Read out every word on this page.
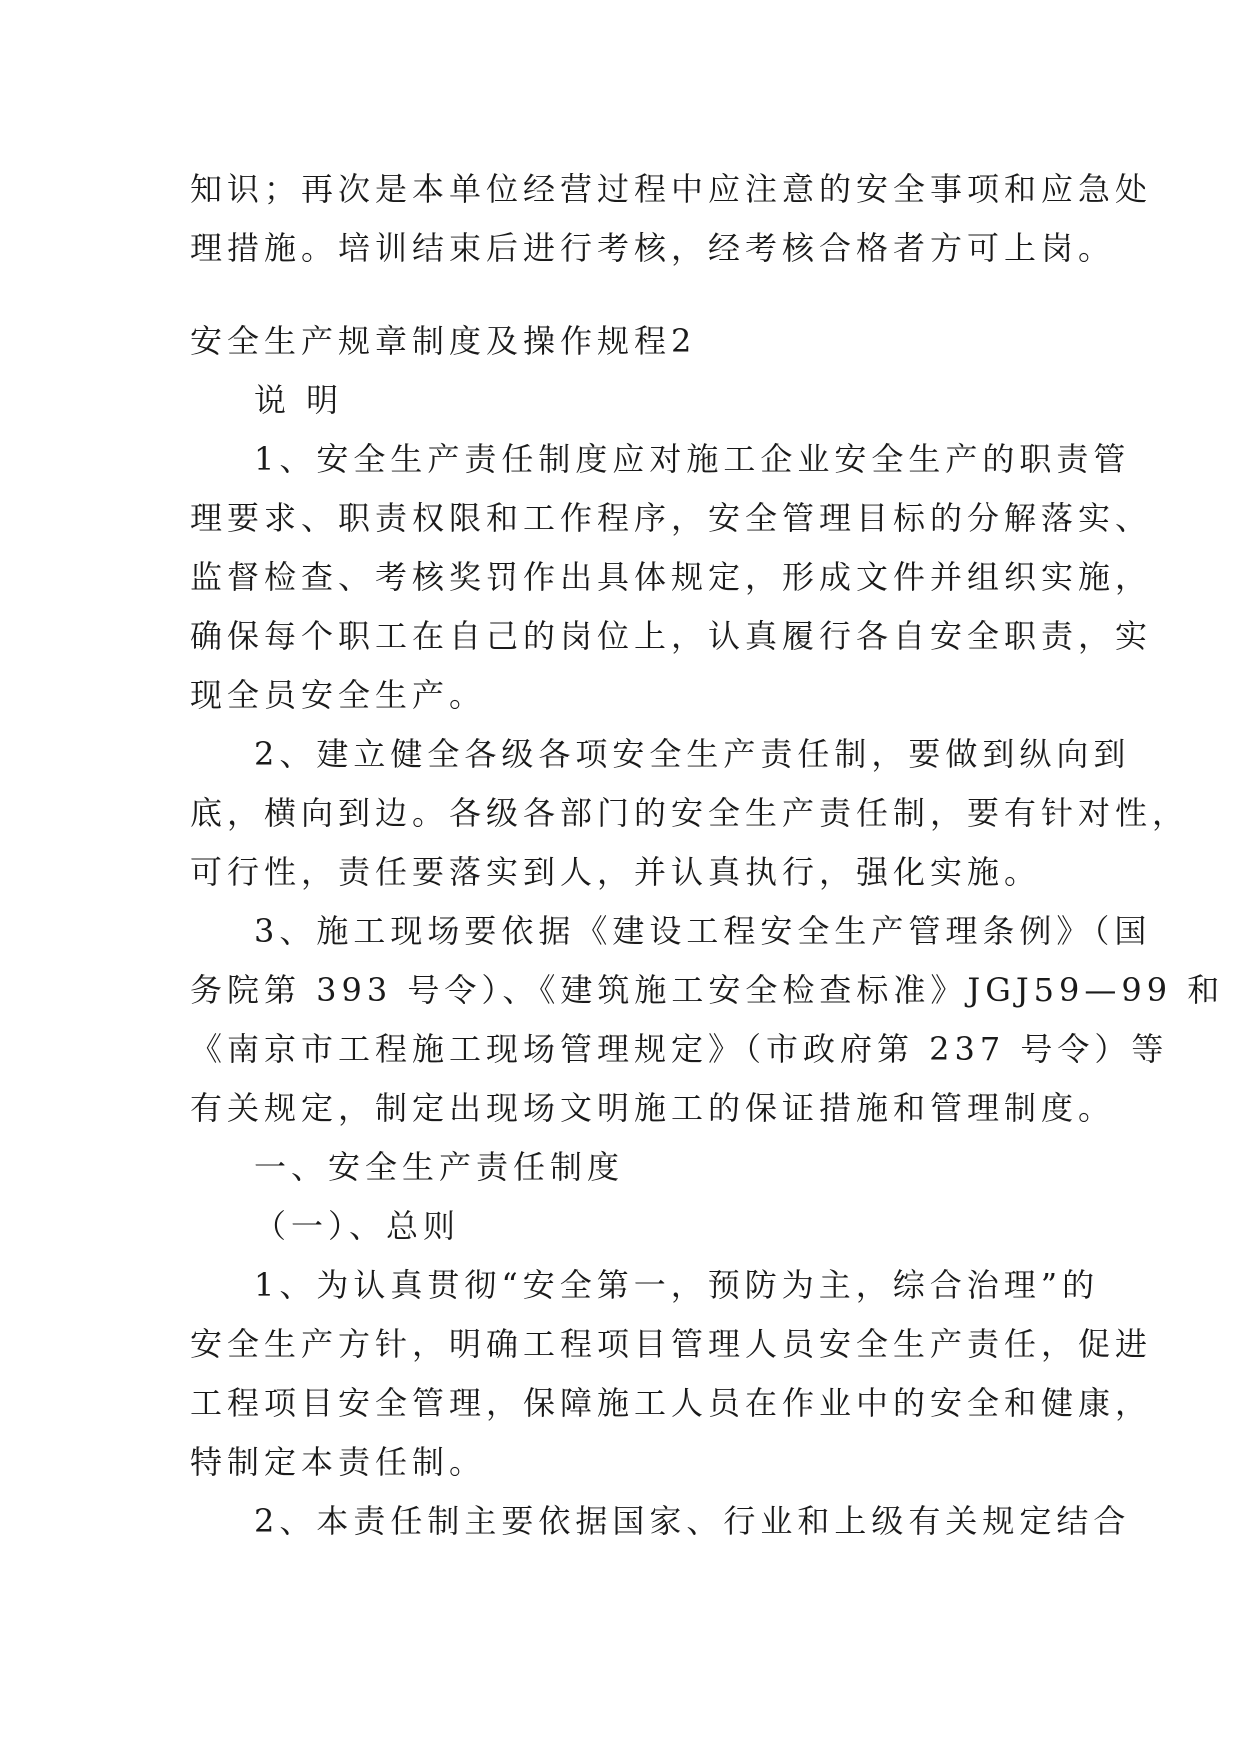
知识；再次是本单位经营过程中应注意的安全事项和应急处
理措施。培训结束后进行考核，经考核合格者方可上岗。
安全生产规章制度及操作规程2
说 明
1、安全生产责任制度应对施工企业安全生产的职责管
理要求、职责权限和工作程序，安全管理目标的分解落实、
监督检查、考核奖罚作出具体规定，形成文件并组织实施，
确保每个职工在自己的岗位上，认真履行各自安全职责，实
现全员安全生产。
2、建立健全各级各项安全生产责任制，要做到纵向到
底，横向到边。各级各部门的安全生产责任制，要有针对性，
可行性，责任要落实到人，并认真执行，强化实施。
3、施工现场要依据《建设工程安全生产管理条例》（国
务院第 393 号令）、《建筑施工安全检查标准》JGJ59—99 和
《南京市工程施工现场管理规定》（市政府第 237 号令）等
有关规定，制定出现场文明施工的保证措施和管理制度。
一、安全生产责任制度
（一）、总则
1、为认真贯彻“安全第一，预防为主，综合治理”的
安全生产方针，明确工程项目管理人员安全生产责任，促进
工程项目安全管理，保障施工人员在作业中的安全和健康，
特制定本责任制。
2、本责任制主要依据国家、行业和上级有关规定结合
